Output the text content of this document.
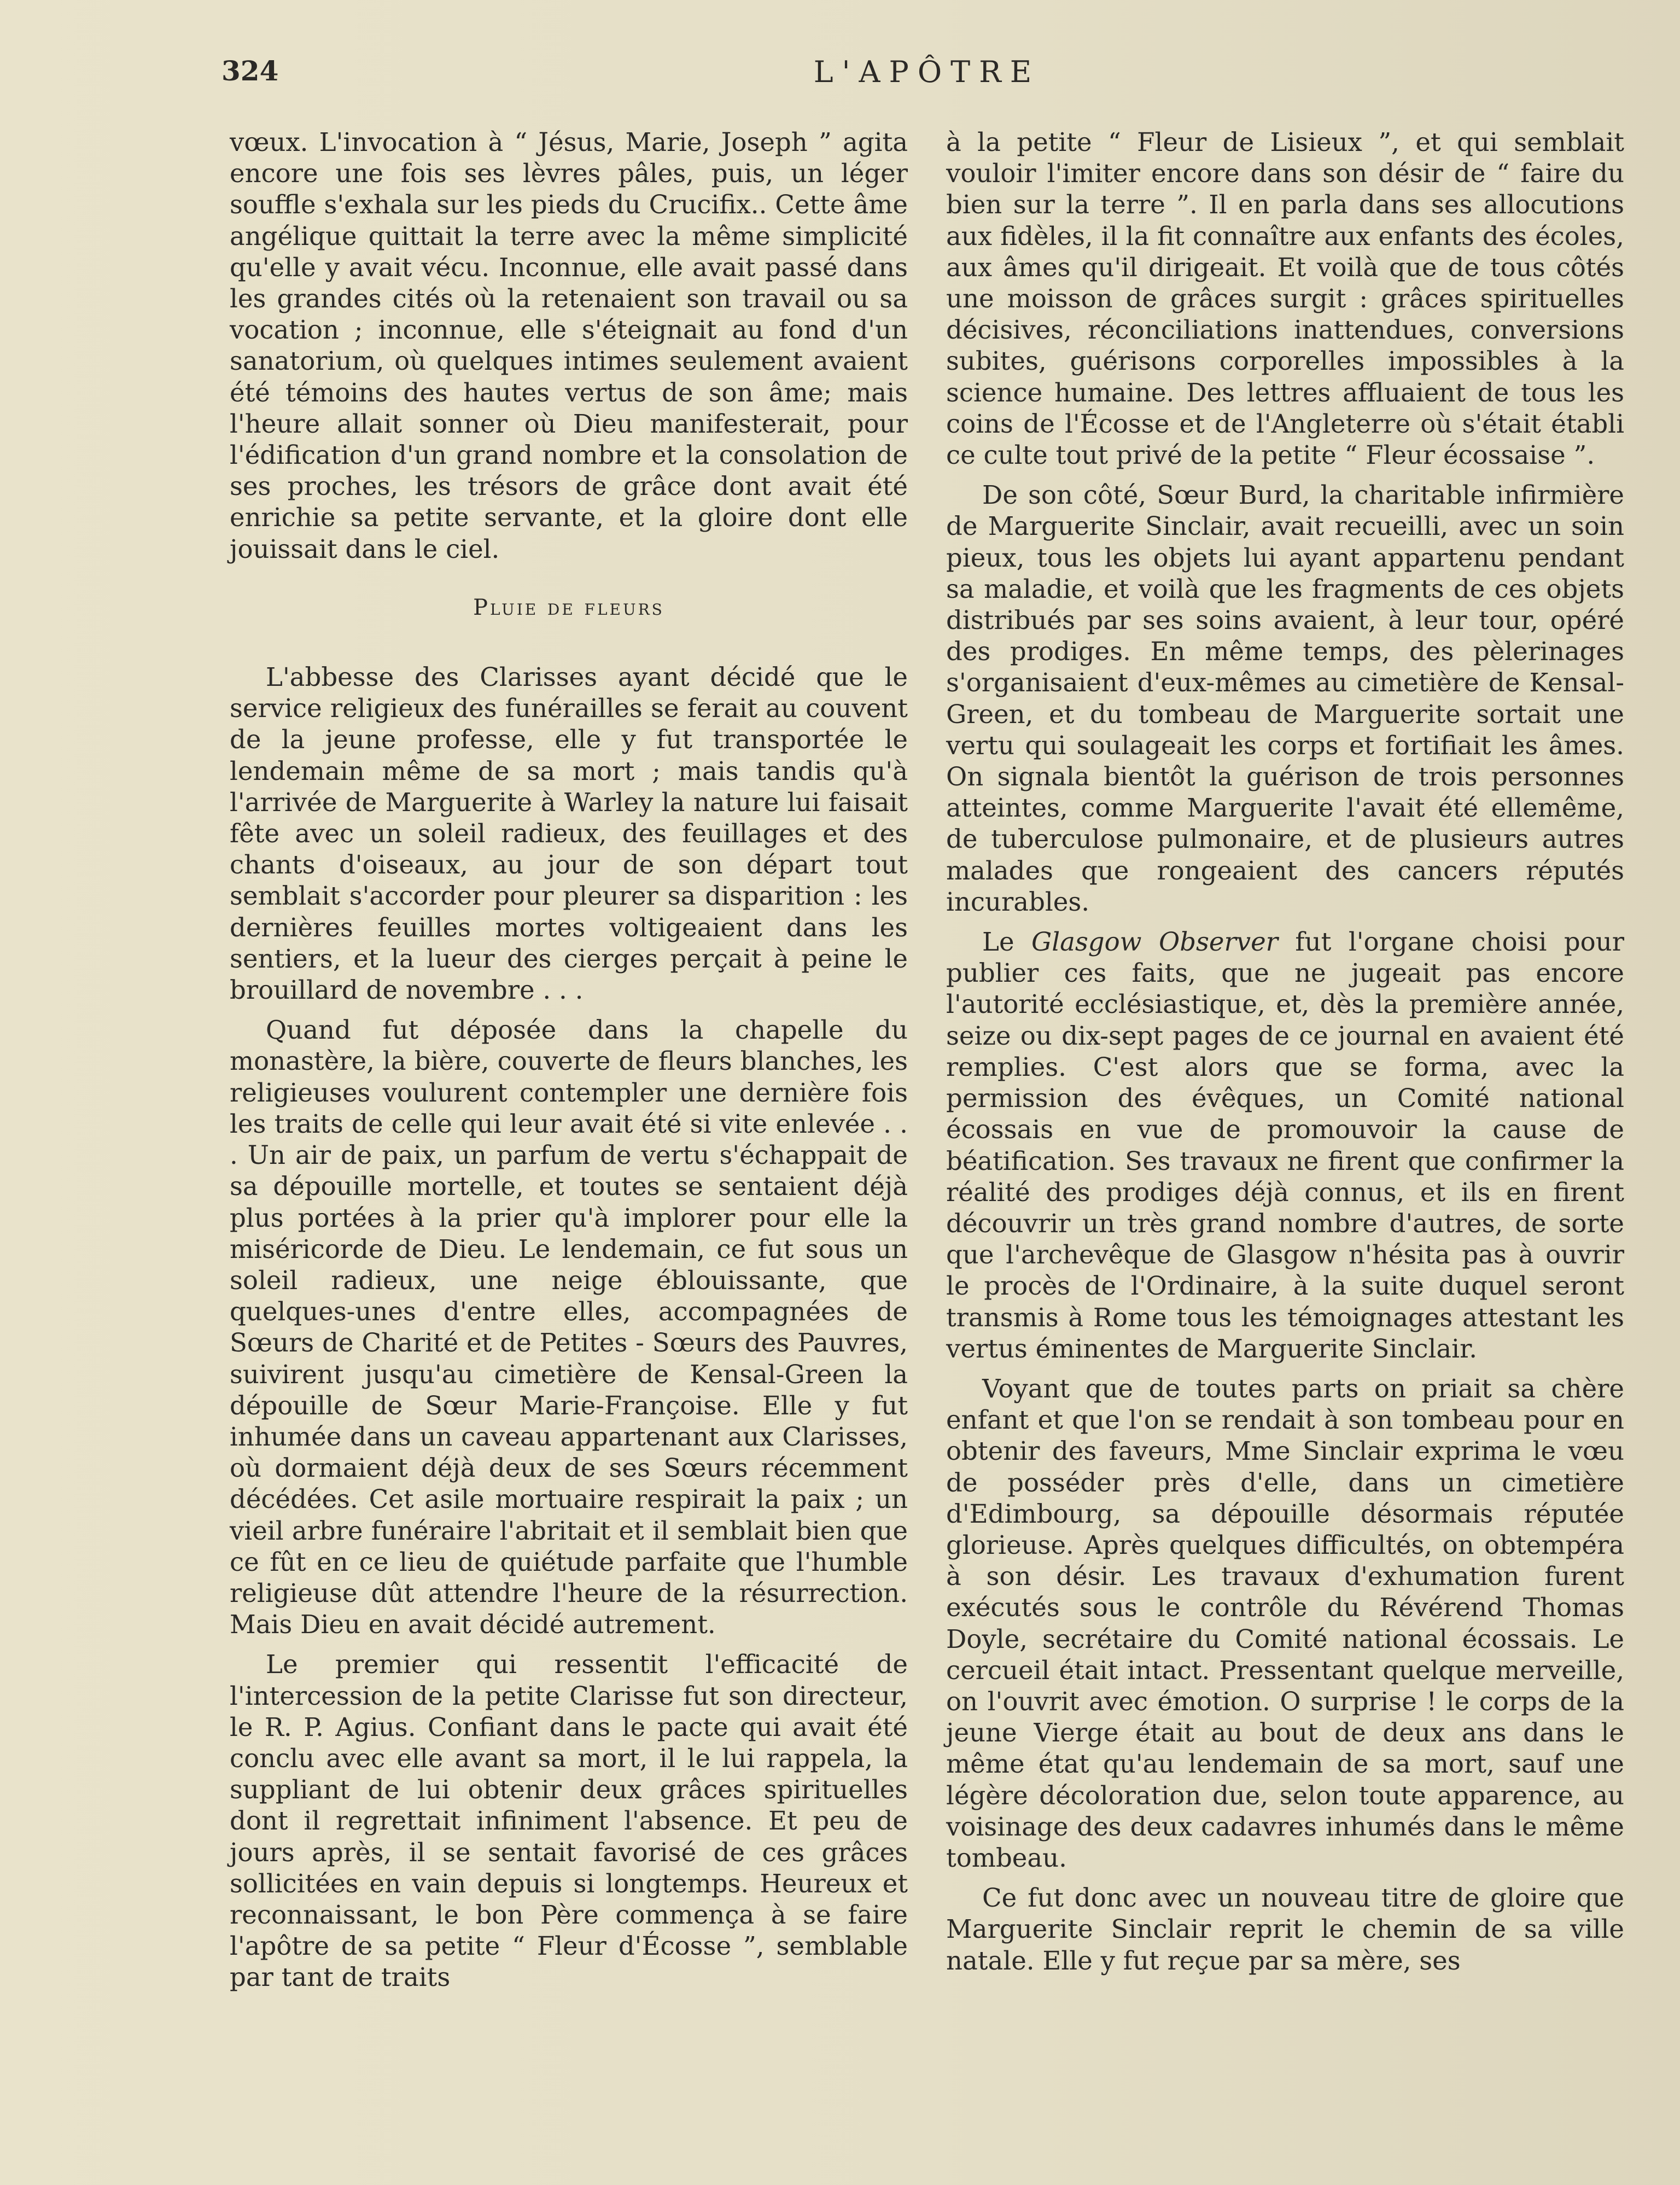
324	L'APÔTRE

vœux. L'invocation à “ Jésus, Marie, Joseph ” agita encore une fois ses lèvres pâles, puis, un léger souffle s'exhala sur les pieds du Crucifix.. Cette âme angélique quittait la terre avec la même simplicité qu'elle y avait vécu. Inconnue, elle avait passé dans les grandes cités où la retenaient son travail ou sa vocation ; inconnue, elle s'éteignait au fond d'un sanatorium, où quelques intimes seulement avaient été témoins des hautes vertus de son âme; mais l'heure allait sonner où Dieu manifesterait, pour l'édification d'un grand nombre et la consolation de ses proches, les trésors de grâce dont avait été enrichie sa petite servante, et la gloire dont elle jouissait dans le ciel.

Pluie de fleurs

L'abbesse des Clarisses ayant décidé que le service religieux des funérailles se ferait au couvent de la jeune professe, elle y fut transportée le lendemain même de sa mort ; mais tandis qu'à l'arrivée de Marguerite à Warley la nature lui faisait fête avec un soleil radieux, des feuillages et des chants d'oiseaux, au jour de son départ tout semblait s'accorder pour pleurer sa disparition : les dernières feuilles mortes voltigeaient dans les sentiers, et la lueur des cierges perçait à peine le brouillard de novembre . . .

Quand fut déposée dans la chapelle du monastère, la bière, couverte de fleurs blanches, les religieuses voulurent contempler une dernière fois les traits de celle qui leur avait été si vite enlevée . . . Un air de paix, un parfum de vertu s'échappait de sa dépouille mortelle, et toutes se sentaient déjà plus portées à la prier qu'à implorer pour elle la miséricorde de Dieu. Le lendemain, ce fut sous un soleil radieux, une neige éblouissante, que quelques-unes d'entre elles, accompagnées de Sœurs de Charité et de Petites - Sœurs des Pauvres, suivirent jusqu'au cimetière de Kensal-Green la dépouille de Sœur Marie-Françoise. Elle y fut inhumée dans un caveau appartenant aux Clarisses, où dormaient déjà deux de ses Sœurs récemment décédées. Cet asile mortuaire respirait la paix ; un vieil arbre funéraire l'abritait et il semblait bien que ce fût en ce lieu de quiétude parfaite que l'humble religieuse dût attendre l'heure de la résurrection. Mais Dieu en avait décidé autrement.

Le premier qui ressentit l'efficacité de l'intercession de la petite Clarisse fut son directeur, le R. P. Agius. Confiant dans le pacte qui avait été conclu avec elle avant sa mort, il le lui rappela, la suppliant de lui obtenir deux grâces spirituelles dont il regrettait infiniment l'absence. Et peu de jours après, il se sentait favorisé de ces grâces sollicitées en vain depuis si longtemps. Heureux et reconnaissant, le bon Père commença à se faire l'apôtre de sa petite “ Fleur d'Écosse ”, semblable par tant de traits

à la petite “ Fleur de Lisieux ”, et qui semblait vouloir l'imiter encore dans son désir de “ faire du bien sur la terre ”. Il en parla dans ses allocutions aux fidèles, il la fit connaître aux enfants des écoles, aux âmes qu'il dirigeait. Et voilà que de tous côtés une moisson de grâces surgit : grâces spirituelles décisives, réconciliations inattendues, conversions subites, guérisons corporelles impossibles à la science humaine. Des lettres affluaient de tous les coins de l'Écosse et de l'Angleterre où s'était établi ce culte tout privé de la petite “ Fleur écossaise ”.

De son côté, Sœur Burd, la charitable infirmière de Marguerite Sinclair, avait recueilli, avec un soin pieux, tous les objets lui ayant appartenu pendant sa maladie, et voilà que les fragments de ces objets distribués par ses soins avaient, à leur tour, opéré des prodiges. En même temps, des pèlerinages s'organisaient d'eux-mêmes au cimetière de Kensal-Green, et du tombeau de Marguerite sortait une vertu qui soulageait les corps et fortifiait les âmes. On signala bientôt la guérison de trois personnes atteintes, comme Marguerite l'avait été ellemême, de tuberculose pulmonaire, et de plusieurs autres malades que rongeaient des cancers réputés incurables.

Le Glasgow Observer fut l'organe choisi pour publier ces faits, que ne jugeait pas encore l'autorité ecclésiastique, et, dès la première année, seize ou dix-sept pages de ce journal en avaient été remplies. C'est alors que se forma, avec la permission des évêques, un Comité national écossais en vue de promouvoir la cause de béatification. Ses travaux ne firent que confirmer la réalité des prodiges déjà connus, et ils en firent découvrir un très grand nombre d'autres, de sorte que l'archevêque de Glasgow n'hésita pas à ouvrir le procès de l'Ordinaire, à la suite duquel seront transmis à Rome tous les témoignages attestant les vertus éminentes de Marguerite Sinclair.

Voyant que de toutes parts on priait sa chère enfant et que l'on se rendait à son tombeau pour en obtenir des faveurs, Mme Sinclair exprima le vœu de posséder près d'elle, dans un cimetière d'Edimbourg, sa dépouille désormais réputée glorieuse. Après quelques difficultés, on obtempéra à son désir. Les travaux d'exhumation furent exécutés sous le contrôle du Révérend Thomas Doyle, secrétaire du Comité national écossais. Le cercueil était intact. Pressentant quelque merveille, on l'ouvrit avec émotion. O surprise ! le corps de la jeune Vierge était au bout de deux ans dans le même état qu'au lendemain de sa mort, sauf une légère décoloration due, selon toute apparence, au voisinage des deux cadavres inhumés dans le même tombeau.

Ce fut donc avec un nouveau titre de gloire que Marguerite Sinclair reprit le chemin de sa ville natale. Elle y fut reçue par sa mère, ses
